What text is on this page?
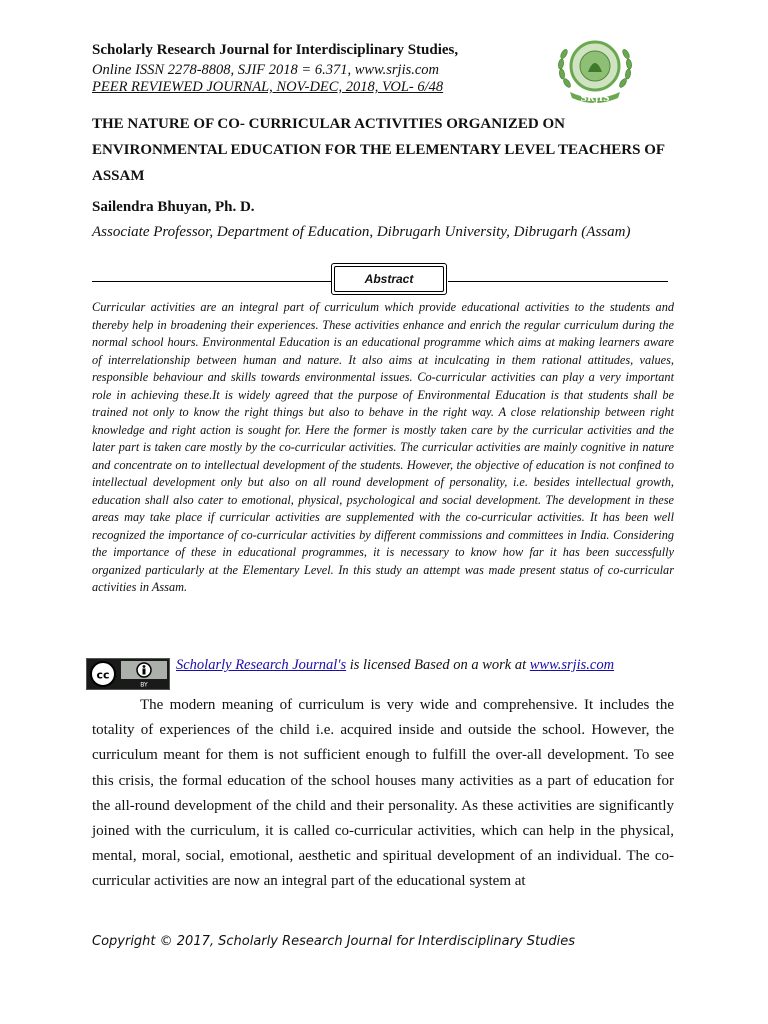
Scholarly Research Journal for Interdisciplinary Studies,
Online ISSN 2278-8808, SJIF 2018 = 6.371, www.srjis.com
PEER REVIEWED JOURNAL, NOV-DEC, 2018, VOL- 6/48
SRJIS
THE NATURE OF CO- CURRICULAR ACTIVITIES ORGANIZED ON ENVIRONMENTAL EDUCATION FOR THE ELEMENTARY LEVEL TEACHERS OF ASSAM
Sailendra Bhuyan, Ph. D.
Associate Professor, Department of Education, Dibrugarh University, Dibrugarh (Assam)
Abstract
Curricular activities are an integral part of curriculum which provide educational activities to the students and thereby help in broadening their experiences. These activities enhance and enrich the regular curriculum during the normal school hours. Environmental Education is an educational programme which aims at making learners aware of interrelationship between human and nature. It also aims at inculcating in them rational attitudes, values, responsible behaviour and skills towards environmental issues. Co-curricular activities can play a very important role in achieving these.It is widely agreed that the purpose of Environmental Education is that students shall be trained not only to know the right things but also to behave in the right way. A close relationship between right knowledge and right action is sought for. Here the former is mostly taken care by the curricular activities and the later part is taken care mostly by the co-curricular activities. The curricular activities are mainly cognitive in nature and concentrate on to intellectual development of the students. However, the objective of education is not confined to intellectual development only but also on all round development of personality, i.e. besides intellectual growth, education shall also cater to emotional, physical, psychological and social development. The development in these areas may take place if curricular activities are supplemented with the co-curricular activities. It has been well recognized the importance of co-curricular activities by different commissions and committees in India. Considering the importance of these in educational programmes, it is necessary to know how far it has been successfully organized particularly at the Elementary Level. In this study an attempt was made present status of co-curricular activities in Assam.
cc
BY
Scholarly Research Journal's is licensed Based on a work at www.srjis.com
The modern meaning of curriculum is very wide and comprehensive. It includes the totality of experiences of the child i.e. acquired inside and outside the school. However, the curriculum meant for them is not sufficient enough to fulfill the over-all development. To see this crisis, the formal education of the school houses many activities as a part of education for the all-round development of the child and their personality. As these activities are significantly joined with the curriculum, it is called co-curricular activities, which can help in the physical, mental, moral, social, emotional, aesthetic and spiritual development of an individual. The co-curricular activities are now an integral part of the educational system at
Copyright © 2017, Scholarly Research Journal for Interdisciplinary Studies
